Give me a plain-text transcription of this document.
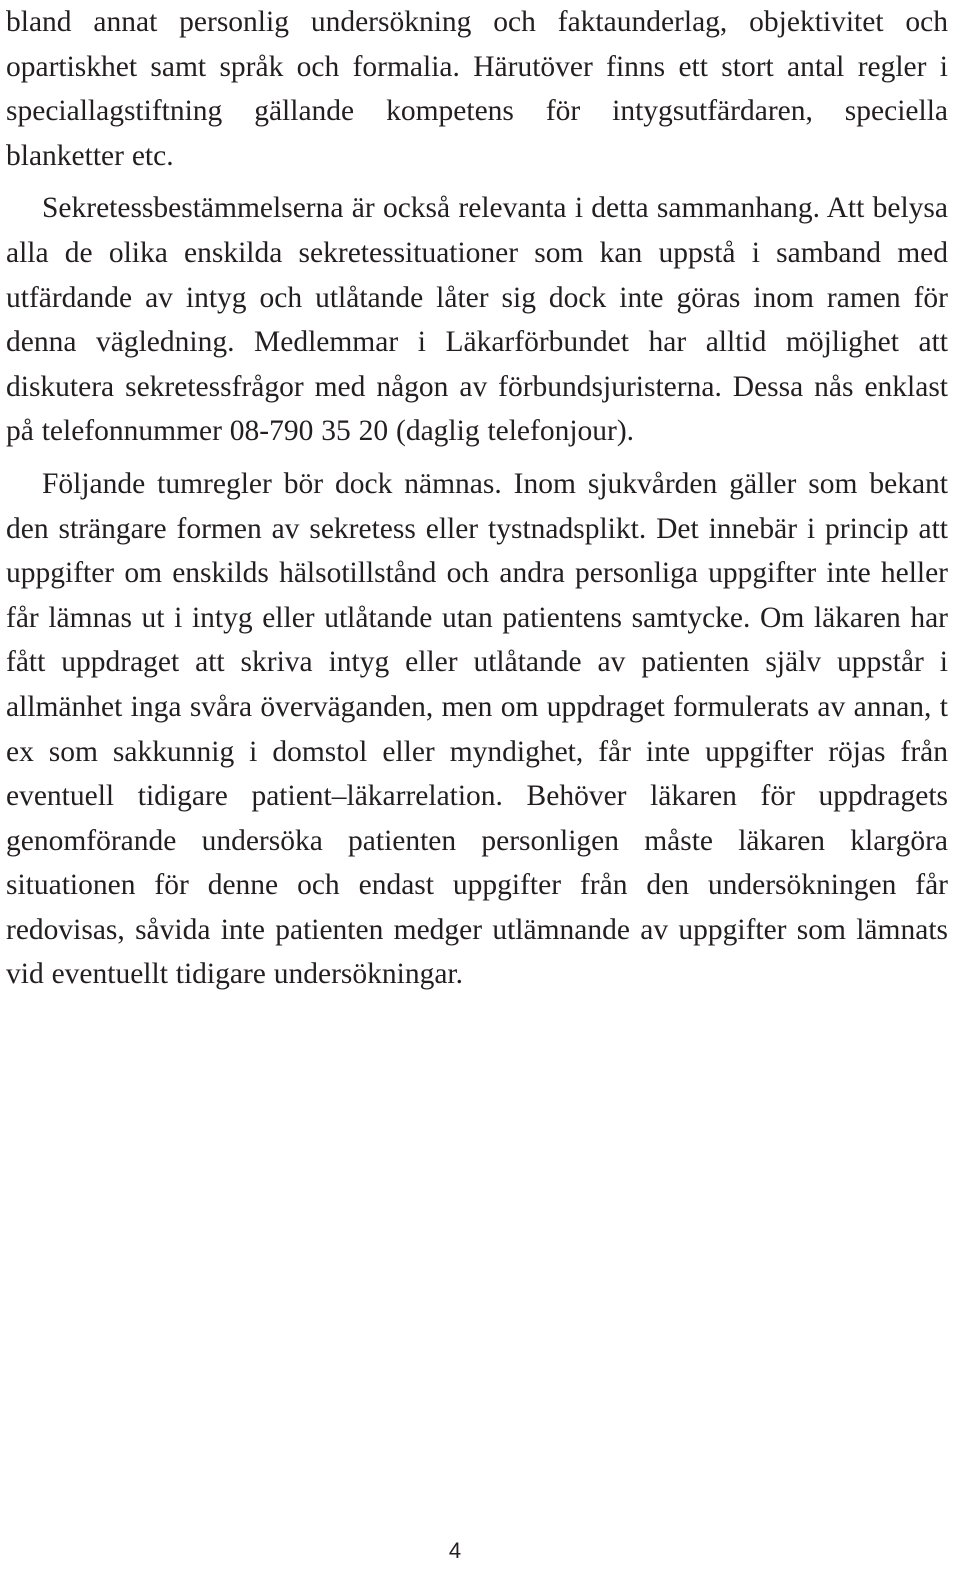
bland annat personlig undersökning och faktaunderlag, objektivitet och opartiskhet samt språk och formalia. Härutöver finns ett stort antal regler i speciallagstiftning gällande kompetens för intygsutfärdaren, speciella blanketter etc.

Sekretessbestämmelserna är också relevanta i detta sammanhang. Att belysa alla de olika enskilda sekretessituationer som kan uppstå i samband med utfärdande av intyg och utlåtande låter sig dock inte göras inom ramen för denna vägledning. Medlemmar i Läkarförbundet har alltid möjlighet att diskutera sekretessfrågor med någon av förbundsjuristerna. Dessa nås enklast på telefonnummer 08-790 35 20 (daglig telefonjour).

Följande tumregler bör dock nämnas. Inom sjukvården gäller som bekant den strängare formen av sekretess eller tystnadsplikt. Det innebär i princip att uppgifter om enskilds hälsotillstånd och andra personliga uppgifter inte heller får lämnas ut i intyg eller utlåtande utan patientens samtycke. Om läkaren har fått uppdraget att skriva intyg eller utlåtande av patienten själv uppstår i allmänhet inga svåra överväganden, men om uppdraget formulerats av annan, t ex som sakkunnig i domstol eller myndighet, får inte uppgifter röjas från eventuell tidigare patient–läkarrelation. Behöver läkaren för uppdragets genomförande undersöka patienten personligen måste läkaren klargöra situationen för denne och endast uppgifter från den undersökningen får redovisas, såvida inte patienten medger utlämnande av uppgifter som lämnats vid eventuellt tidigare undersökningar.

4
